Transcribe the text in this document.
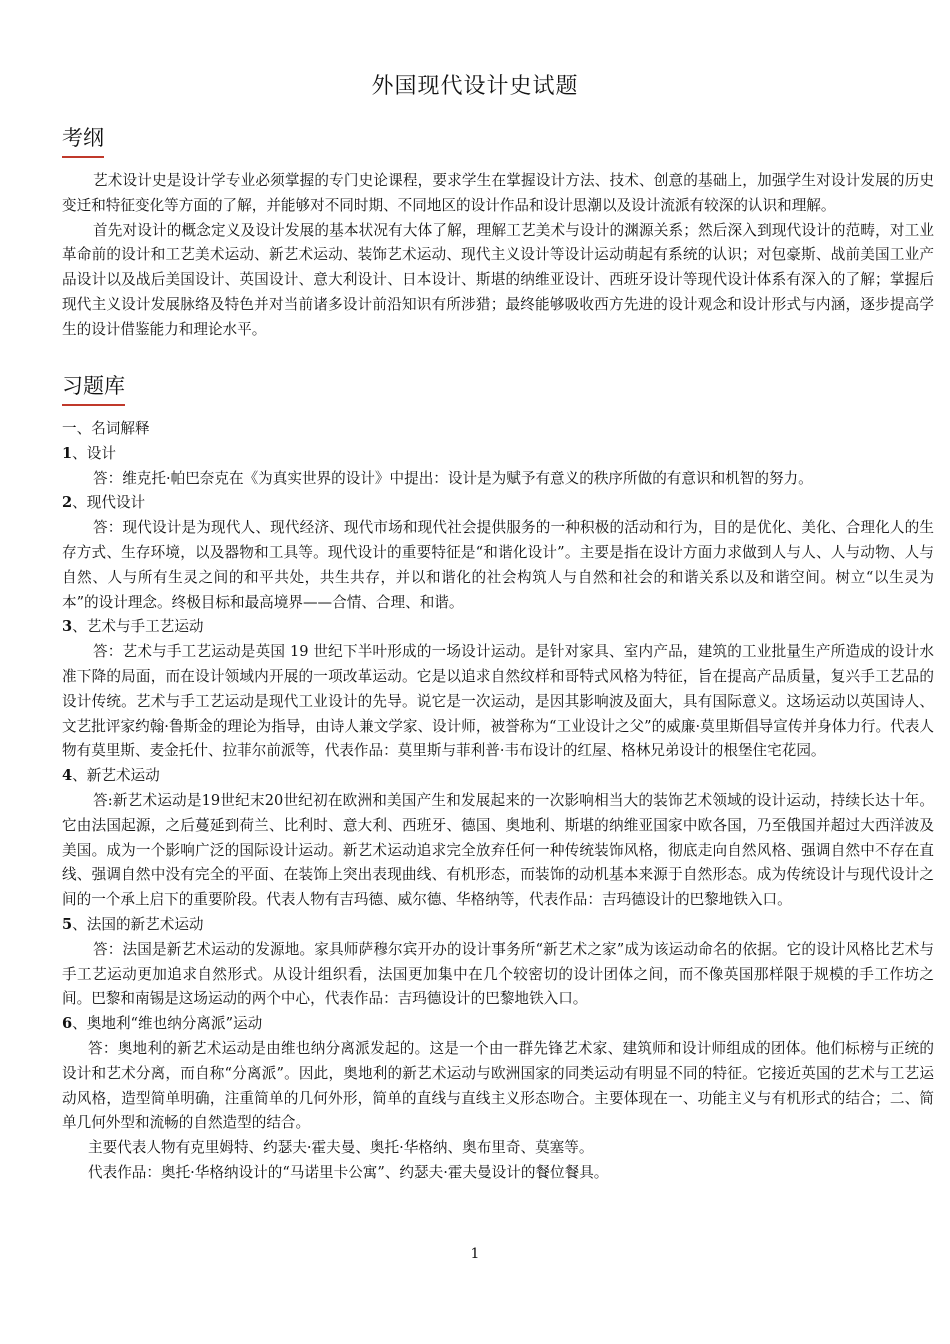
外国现代设计史试题
考纲

艺术设计史是设计学专业必须掌握的专门史论课程，要求学生在掌握设计方法、技术、创意的基础上，加强学生对设计发展的历史变迁和特征变化等方面的了解，并能够对不同时期、不同地区的设计作品和设计思潮以及设计流派有较深的认识和理解。

首先对设计的概念定义及设计发展的基本状况有大体了解，理解工艺美术与设计的渊源关系；然后深入到现代设计的范畴，对工业革命前的设计和工艺美术运动、新艺术运动、装饰艺术运动、现代主义设计等设计运动萌起有系统的认识；对包豪斯、战前美国工业产品设计以及战后美国设计、英国设计、意大利设计、日本设计、斯堪的纳维亚设计、西班牙设计等现代设计体系有深入的了解；掌握后现代主义设计发展脉络及特色并对当前诸多设计前沿知识有所涉猎；最终能够吸收西方先进的设计观念和设计形式与内涵，逐步提高学生的设计借鉴能力和理论水平。

习题库

一、名词解释

1、设计

答：维克托·帕巴奈克在《为真实世界的设计》中提出：设计是为赋予有意义的秩序所做的有意识和机智的努力。

2、现代设计

答：现代设计是为现代人、现代经济、现代市场和现代社会提供服务的一种积极的活动和行为，目的是优化、美化、合理化人的生存方式、生存环境，以及器物和工具等。现代设计的重要特征是“和谐化设计”。主要是指在设计方面力求做到人与人、人与动物、人与自然、人与所有生灵之间的和平共处，共生共存，并以和谐化的社会构筑人与自然和社会的和谐关系以及和谐空间。树立“以生灵为本”的设计理念。终极目标和最高境界——合情、合理、和谐。

3、艺术与手工艺运动

答：艺术与手工艺运动是英国 19 世纪下半叶形成的一场设计运动。是针对家具、室内产品，建筑的工业批量生产所造成的设计水准下降的局面，而在设计领域内开展的一项改革运动。它是以追求自然纹样和哥特式风格为特征，旨在提高产品质量，复兴手工艺品的设计传统。艺术与手工艺运动是现代工业设计的先导。说它是一次运动，是因其影响波及面大，具有国际意义。这场运动以英国诗人、文艺批评家约翰·鲁斯金的理论为指导，由诗人兼文学家、设计师，被誉称为“工业设计之父”的威廉·莫里斯倡导宣传并身体力行。代表人物有莫里斯、麦金托什、拉菲尔前派等，代表作品：莫里斯与菲利普·韦布设计的红屋、格林兄弟设计的根堡住宅花园。

4、新艺术运动

答:新艺术运动是19世纪末20世纪初在欧洲和美国产生和发展起来的一次影响相当大的装饰艺术领域的设计运动，持续长达十年。它由法国起源，之后蔓延到荷兰、比利时、意大利、西班牙、德国、奥地利、斯堪的纳维亚国家中欧各国，乃至俄国并超过大西洋波及美国。成为一个影响广泛的国际设计运动。新艺术运动追求完全放弃任何一种传统装饰风格，彻底走向自然风格、强调自然中不存在直线、强调自然中没有完全的平面、在装饰上突出表现曲线、有机形态，而装饰的动机基本来源于自然形态。成为传统设计与现代设计之间的一个承上启下的重要阶段。代表人物有吉玛德、威尔德、华格纳等，代表作品：吉玛德设计的巴黎地铁入口。

5、法国的新艺术运动

答：法国是新艺术运动的发源地。家具师萨穆尔宾开办的设计事务所“新艺术之家”成为该运动命名的依据。它的设计风格比艺术与手工艺运动更加追求自然形式。从设计组织看，法国更加集中在几个较密切的设计团体之间，而不像英国那样限于规模的手工作坊之间。巴黎和南锡是这场运动的两个中心，代表作品：吉玛德设计的巴黎地铁入口。

6、奥地利“维也纳分离派”运动

答：奥地利的新艺术运动是由维也纳分离派发起的。这是一个由一群先锋艺术家、建筑师和设计师组成的团体。他们标榜与正统的设计和艺术分离，而自称“分离派”。因此，奥地利的新艺术运动与欧洲国家的同类运动有明显不同的特征。它接近英国的艺术与工艺运动风格，造型简单明确，注重简单的几何外形，简单的直线与直线主义形态吻合。主要体现在一、功能主义与有机形式的结合；二、简单几何外型和流畅的自然造型的结合。

主要代表人物有克里姆特、约瑟夫·霍夫曼、奥托·华格纳、奥布里奇、莫塞等。

代表作品：奥托·华格纳设计的“马诺里卡公寓”、约瑟夫·霍夫曼设计的餐位餐具。

1
